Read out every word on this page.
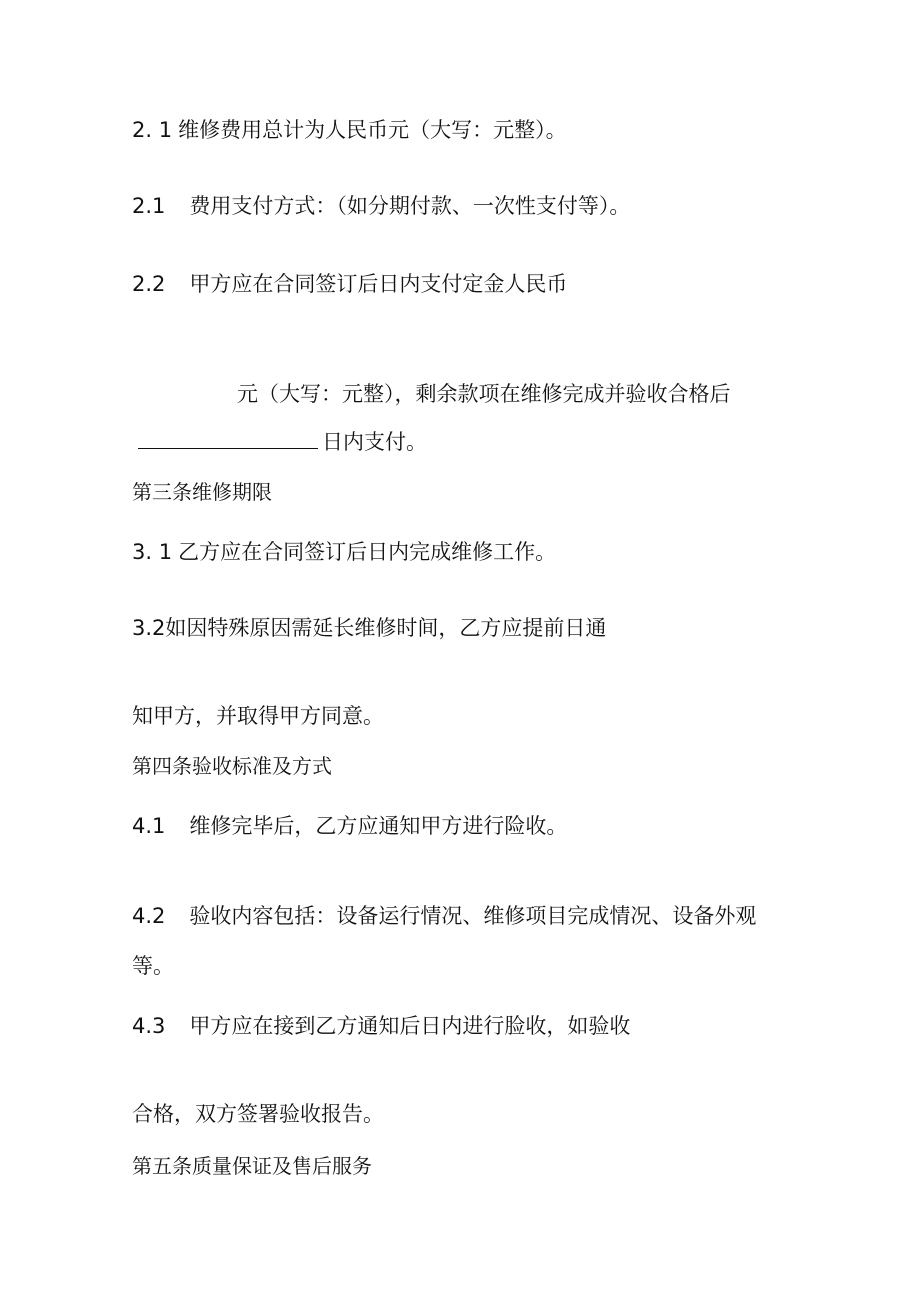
2. 1 维修费用总计为人民币元（大写：元整）。
2.1 费用支付方式：（如分期付款、一次性支付等）。
2.2 甲方应在合同签订后日内支付定金人民币
元（大写：元整），剩余款项在维修完成并验收合格后
日内支付。
第三条维修期限
3. 1 乙方应在合同签订后日内完成维修工作。
3.2如因特殊原因需延长维修时间，乙方应提前日通
知甲方，并取得甲方同意。
第四条验收标准及方式
4.1 维修完毕后，乙方应通知甲方进行险收。
4.2 验收内容包括：设备运行情况、维修项目完成情况、设备外观
等。
4.3 甲方应在接到乙方通知后日内进行脸收，如验收
合格，双方签署验收报告。
第五条质量保证及售后服务
